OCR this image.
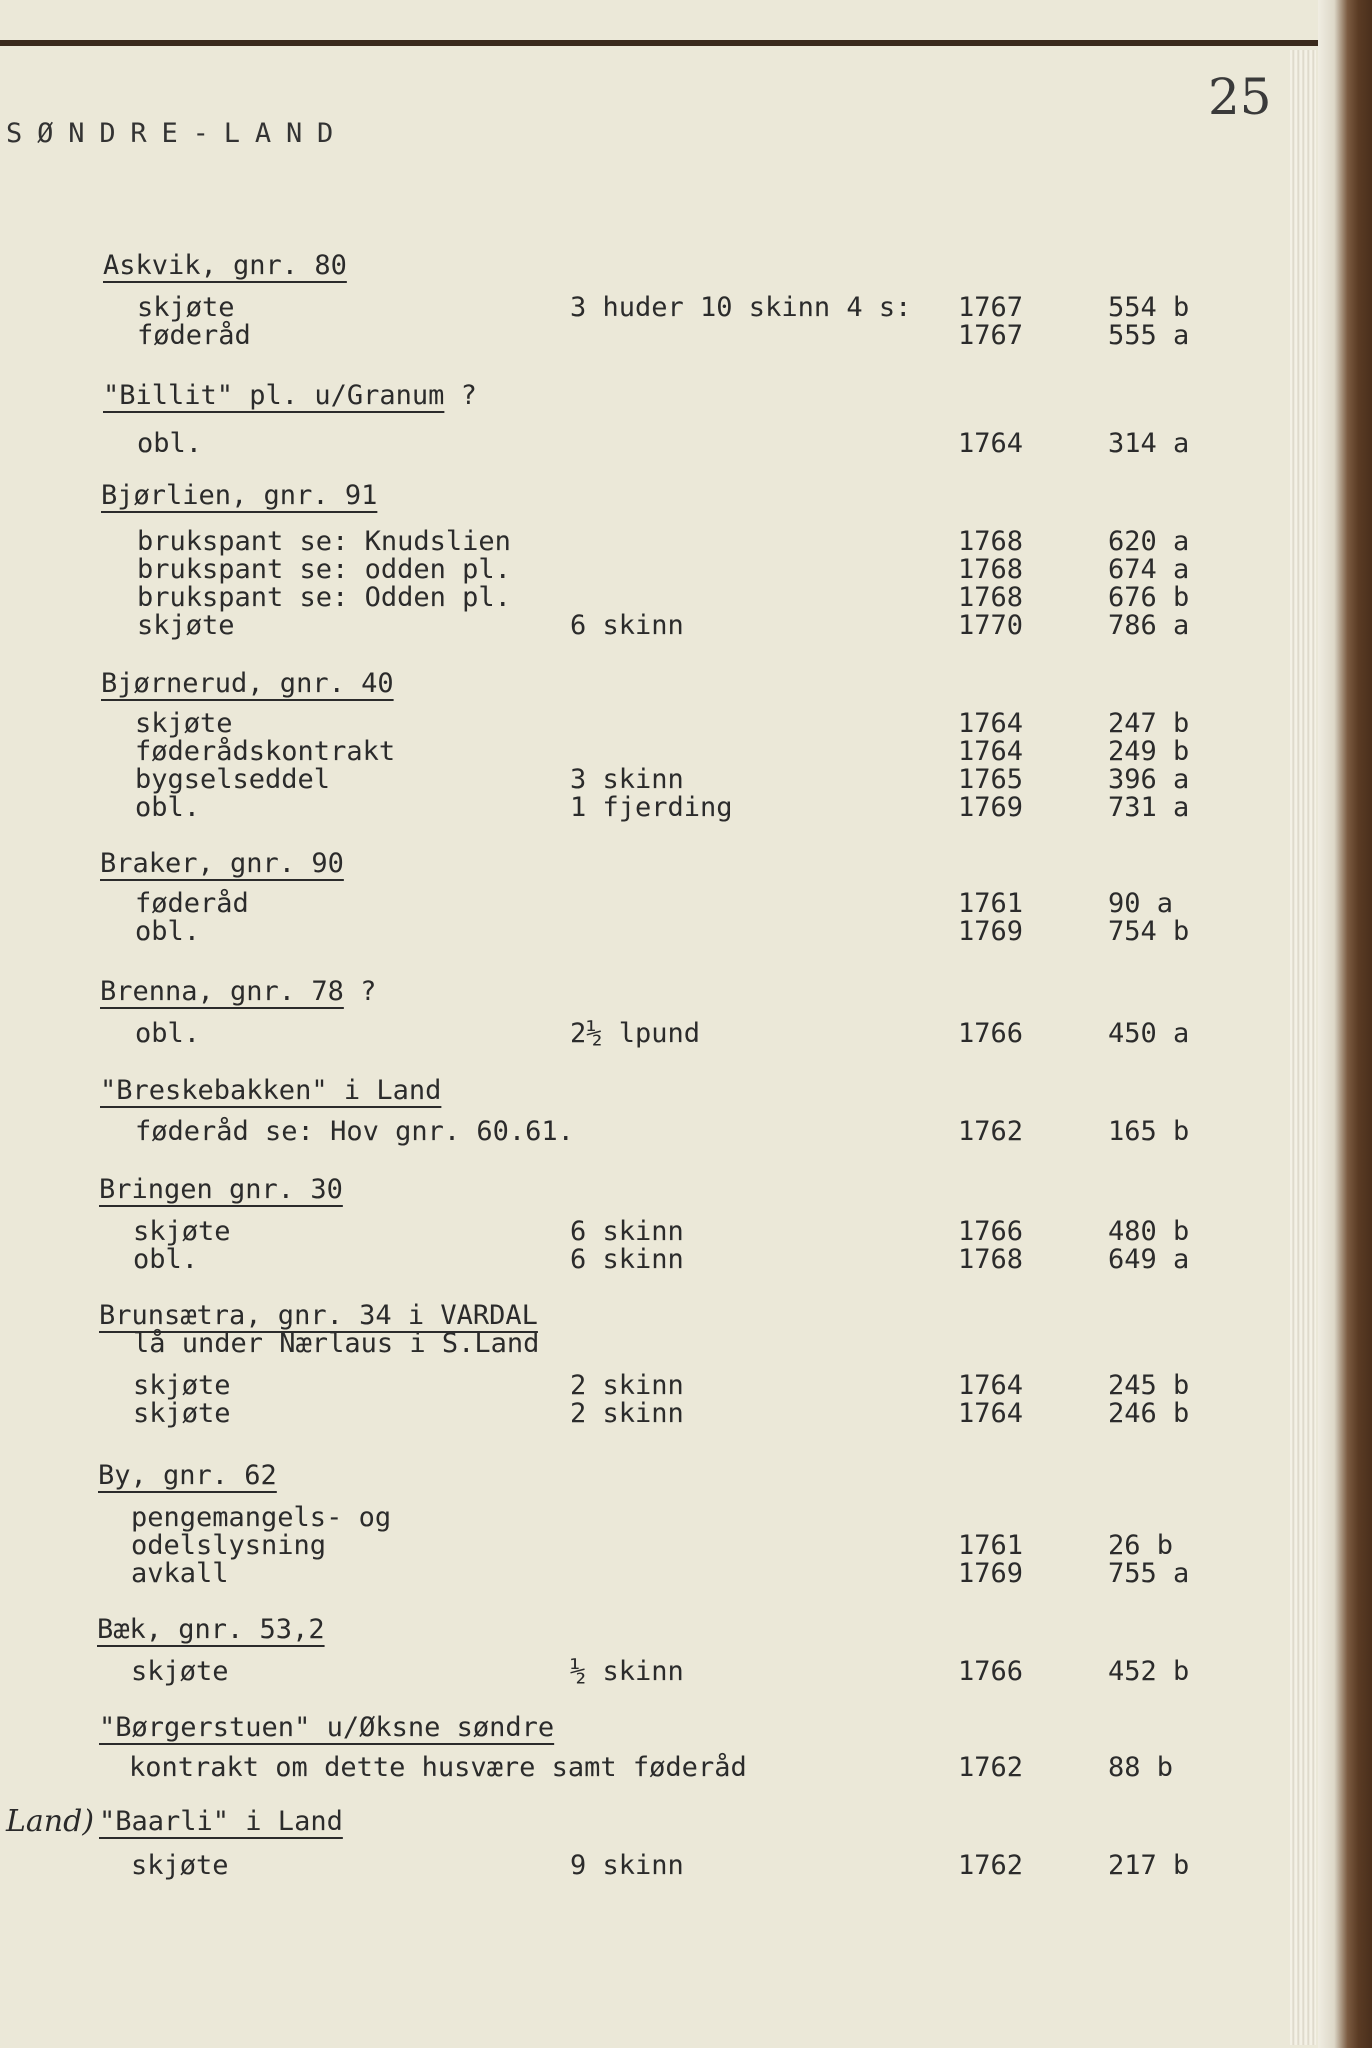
SØNDRE-LAND
25
Askvik, gnr. 80
skjøte	3 huder 10 skinn 4 s: 1767	554 b
føderåd	1767	555 a
"Billit" pl. u/Granum ?
obl.	1764	314 a
Bjørlien, gnr. 91
brukspant se: Knudslien	1768	620 a
brukspant se: odden pl.	1768	674 a
brukspant se: Odden pl.	1768	676 b
skjøte	6 skinn	1770	786 a
Bjørnerud, gnr. 40
skjøte	1764	247 b
føderådskontrakt	1764	249 b
bygselseddel	3 skinn	1765	396 a
obl.	1 fjerding	1769	731 a
Braker, gnr. 90
føderåd	1761	90 a
obl.	1769	754 b
Brenna, gnr. 78 ?
obl.	2½ lpund	1766	450 a
"Breskebakken" i Land
føderåd se: Hov gnr. 60.61.	1762	165 b
Bringen gnr. 30
skjøte	6 skinn	1766	480 b
obl.	6 skinn	1768	649 a
Brunsætra, gnr. 34 i VARDAL
lå under Nærlaus i S.Land
skjøte	2 skinn	1764	245 b
skjøte	2 skinn	1764	246 b
By, gnr. 62
pengemangels- og
odelslysning	1761	26 b
avkall	1769	755 a
Bæk, gnr. 53,2
skjøte	½ skinn	1766	452 b
"Børgerstuen" u/Øksne søndre
kontrakt om dette husvære samt føderåd	1762	88 b
"Baarli" i Land
skjøte	9 skinn	1762	217 b
Land)
